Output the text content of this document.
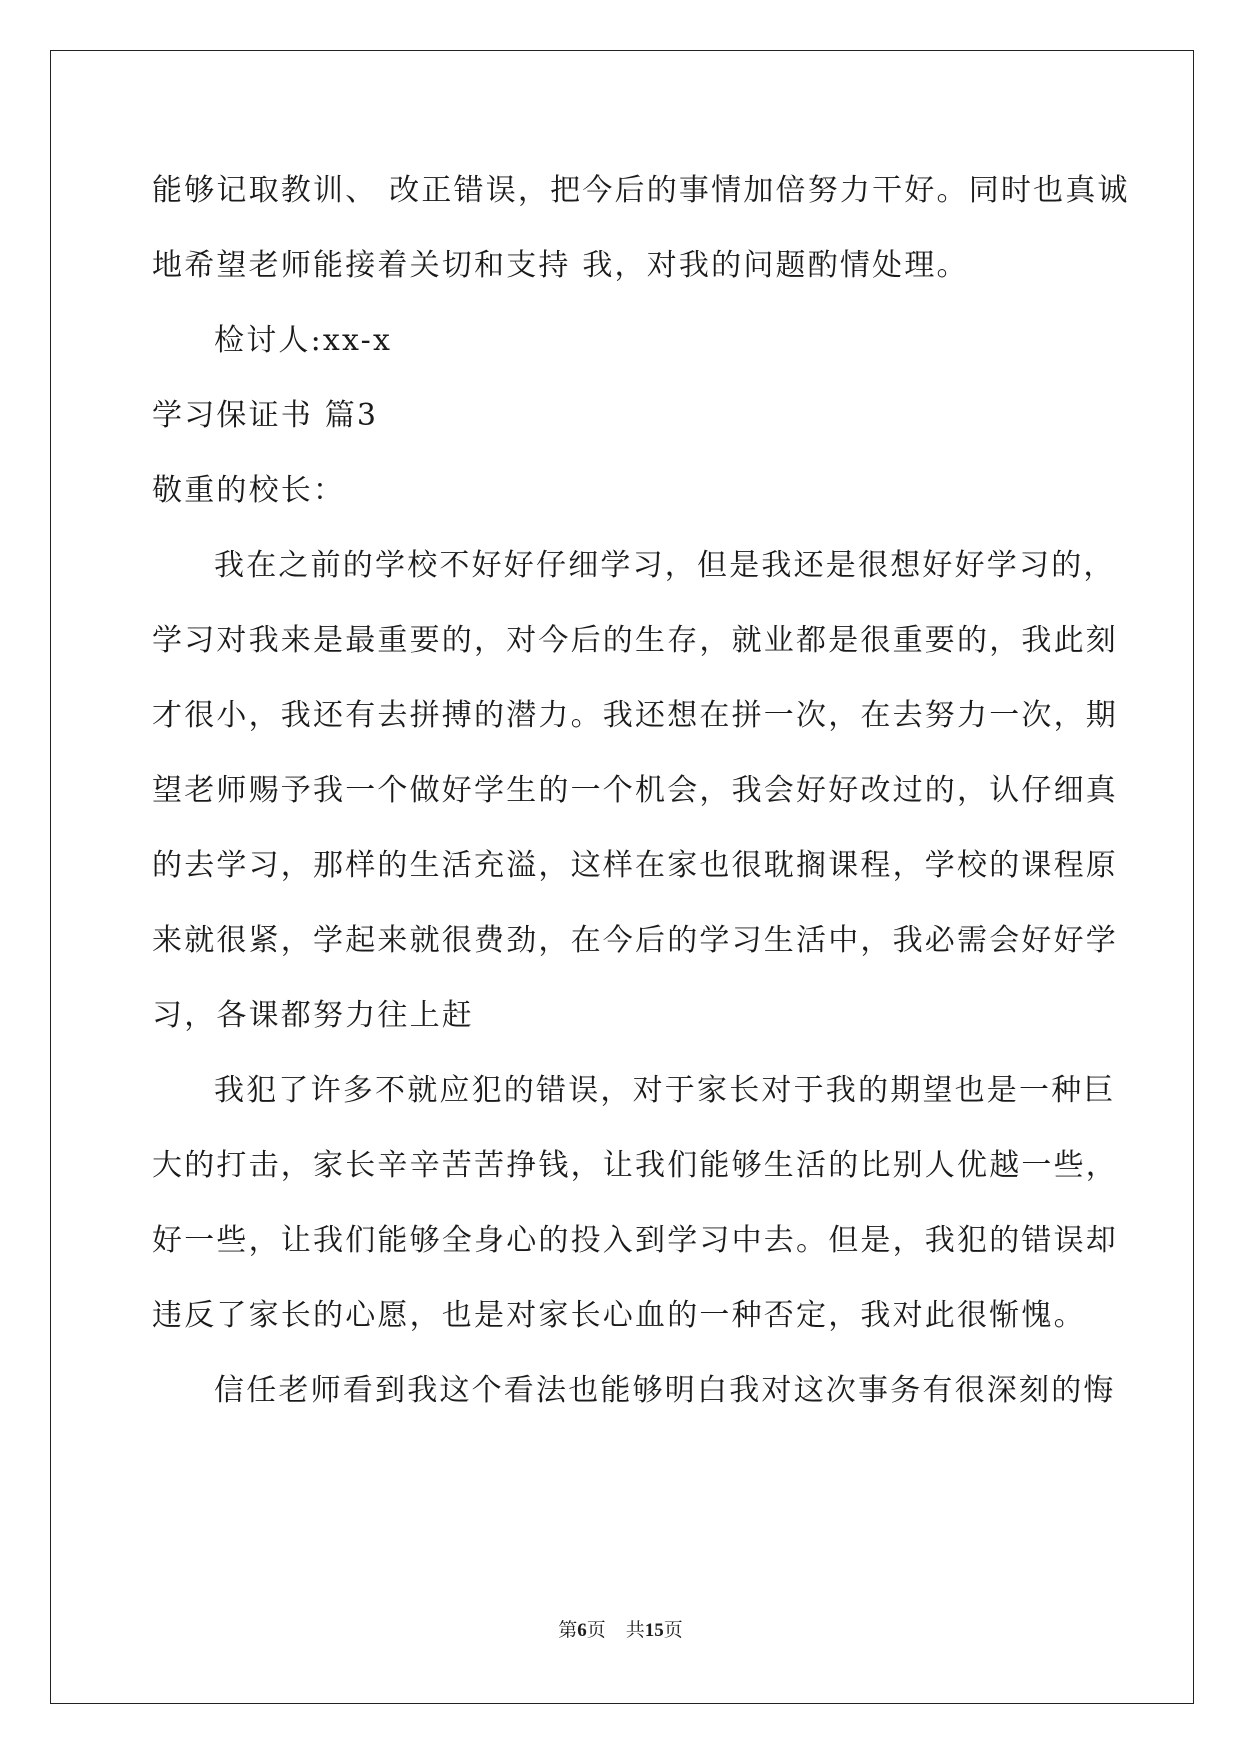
能够记取教训、 改正错误，把今后的事情加倍努力干好。同时也真诚
地希望老师能接着关切和支持 我，对我的问题酌情处理。
检讨人:xx-x
学习保证书 篇3
敬重的校长：
我在之前的学校不好好仔细学习，但是我还是很想好好学习的，
学习对我来是最重要的，对今后的生存，就业都是很重要的，我此刻
才很小，我还有去拼搏的潜力。我还想在拼一次，在去努力一次，期
望老师赐予我一个做好学生的一个机会，我会好好改过的，认仔细真
的去学习，那样的生活充溢，这样在家也很耽搁课程，学校的课程原
来就很紧，学起来就很费劲，在今后的学习生活中，我必需会好好学
习，各课都努力往上赶
我犯了许多不就应犯的错误，对于家长对于我的期望也是一种巨
大的打击，家长辛辛苦苦挣钱，让我们能够生活的比别人优越一些，
好一些，让我们能够全身心的投入到学习中去。但是，我犯的错误却
违反了家长的心愿，也是对家长心血的一种否定，我对此很惭愧。
信任老师看到我这个看法也能够明白我对这次事务有很深刻的悔
第6页 共15页
